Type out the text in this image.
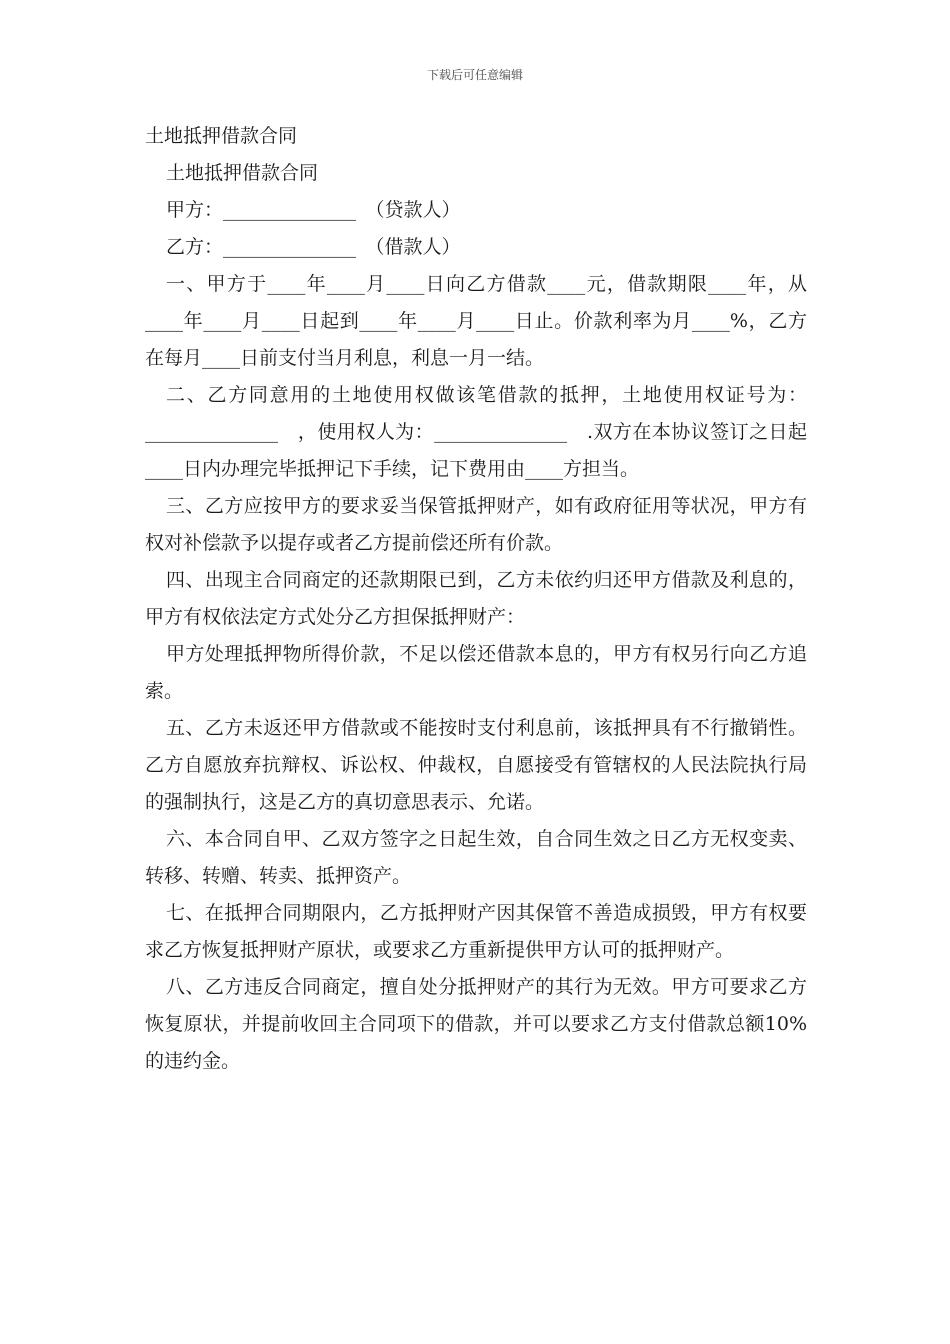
下载后可任意编辑

土地抵押借款合同

土地抵押借款合同

甲方：______________　（贷款人）

乙方：______________　（借款人）

一、甲方于____年____月____日向乙方借款____元，借款期限____年，从____年____月____日起到____年____月____日止。价款利率为月____%，乙方在每月____日前支付当月利息，利息一月一结。

二、乙方同意用的土地使用权做该笔借款的抵押，土地使用权证号为：______________　，使用权人为：______________　.双方在本协议签订之日起____日内办理完毕抵押记下手续，记下费用由____方担当。

三、乙方应按甲方的要求妥当保管抵押财产，如有政府征用等状况，甲方有权对补偿款予以提存或者乙方提前偿还所有价款。

四、出现主合同商定的还款期限已到，乙方未依约归还甲方借款及利息的，甲方有权依法定方式处分乙方担保抵押财产：

甲方处理抵押物所得价款，不足以偿还借款本息的，甲方有权另行向乙方追索。

五、乙方未返还甲方借款或不能按时支付利息前，该抵押具有不行撤销性。乙方自愿放弃抗辩权、诉讼权、仲裁权，自愿接受有管辖权的人民法院执行局的强制执行，这是乙方的真切意思表示、允诺。

六、本合同自甲、乙双方签字之日起生效，自合同生效之日乙方无权变卖、转移、转赠、转卖、抵押资产。

七、在抵押合同期限内，乙方抵押财产因其保管不善造成损毁，甲方有权要求乙方恢复抵押财产原状，或要求乙方重新提供甲方认可的抵押财产。

八、乙方违反合同商定，擅自处分抵押财产的其行为无效。甲方可要求乙方恢复原状，并提前收回主合同项下的借款，并可以要求乙方支付借款总额10%的违约金。
